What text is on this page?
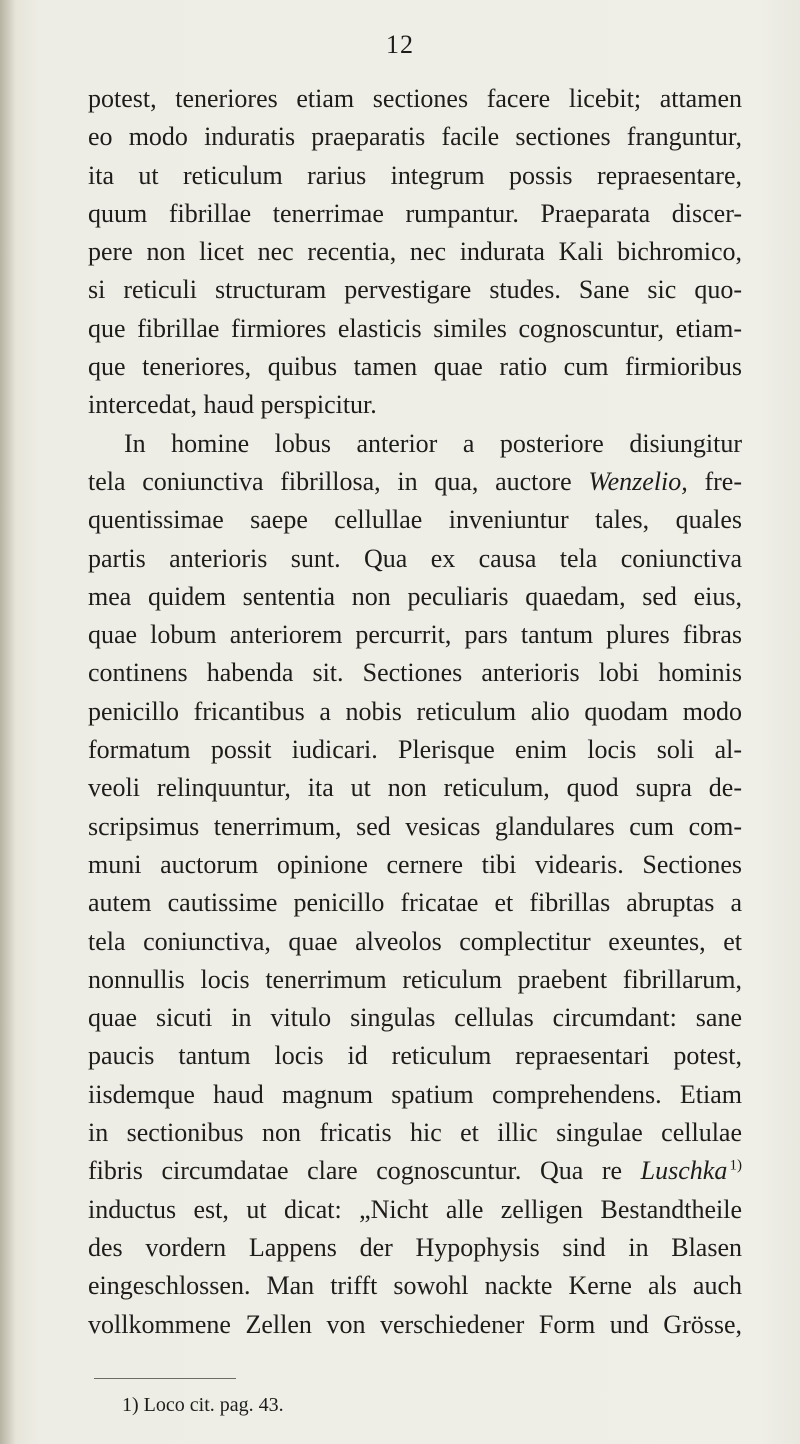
12
potest, teneriores etiam sectiones facere licebit; attamen
eo modo induratis praeparatis facile sectiones franguntur,
ita ut reticulum rarius integrum possis repraesentare,
quum fibrillae tenerrimae rumpantur. Praeparata discer-
pere non licet nec recentia, nec indurata Kali bichromico,
si reticuli structuram pervestigare studes. Sane sic quo-
que fibrillae firmiores elasticis similes cognoscuntur, etiam-
que teneriores, quibus tamen quae ratio cum firmioribus
intercedat, haud perspicitur.
In homine lobus anterior a posteriore disiungitur
tela coniunctiva fibrillosa, in qua, auctore Wenzelio, fre-
quentissimae saepe cellullae inveniuntur tales, quales
partis anterioris sunt. Qua ex causa tela coniunctiva
mea quidem sententia non peculiaris quaedam, sed eius,
quae lobum anteriorem percurrit, pars tantum plures fibras
continens habenda sit. Sectiones anterioris lobi hominis
penicillo fricantibus a nobis reticulum alio quodam modo
formatum possit iudicari. Plerisque enim locis soli al-
veoli relinquuntur, ita ut non reticulum, quod supra de-
scripsimus tenerrimum, sed vesicas glandulares cum com-
muni auctorum opinione cernere tibi videaris. Sectiones
autem cautissime penicillo fricatae et fibrillas abruptas a
tela coniunctiva, quae alveolos complectitur exeuntes, et
nonnullis locis tenerrimum reticulum praebent fibrillarum,
quae sicuti in vitulo singulas cellulas circumdant: sane
paucis tantum locis id reticulum repraesentari potest,
iisdemque haud magnum spatium comprehendens. Etiam
in sectionibus non fricatis hic et illic singulae cellulae
fibris circumdatae clare cognoscuntur. Qua re Luschka  $^{1)}$
inductus est, ut dicat: „Nicht alle zelligen Bestandtheile
des vordern Lappens der Hypophysis sind in Blasen
eingeschlossen. Man trifft sowohl nackte Kerne als auch
vollkommene Zellen von verschiedener Form und Grösse,
1) Loco cit. pag. 43.
